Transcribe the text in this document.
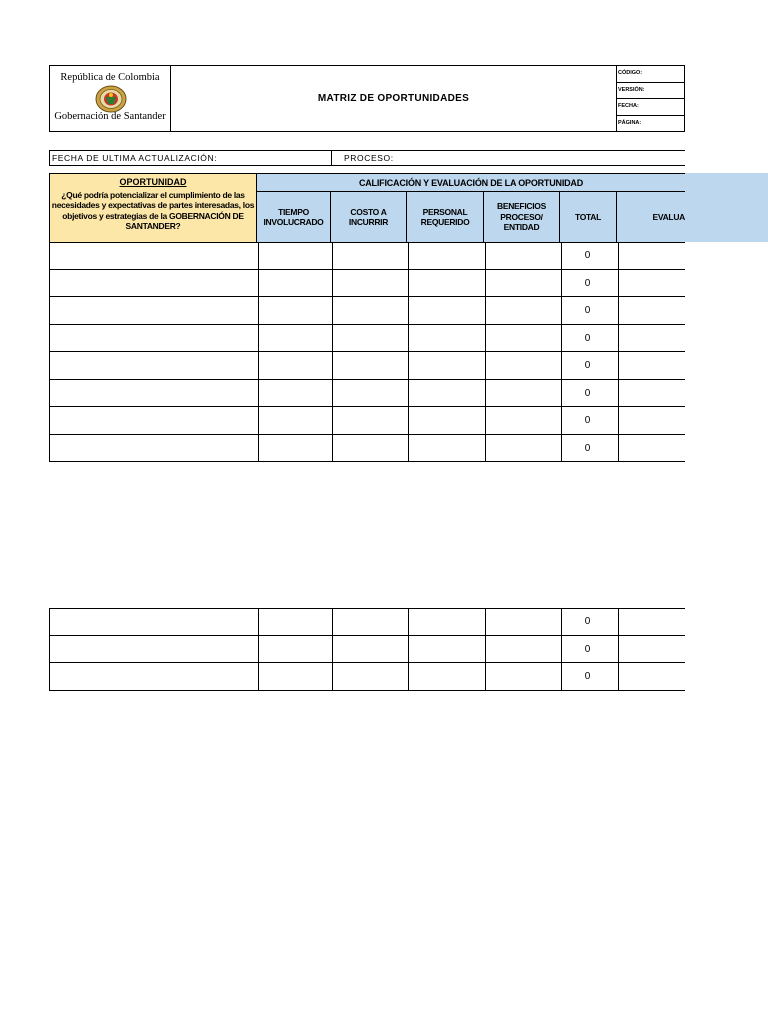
República de Colombia
Gobernación de Santander
MATRIZ DE OPORTUNIDADES
CÓDIGO:
VERSIÓN:
FECHA:
PÁGINA:
FECHA DE ULTIMA ACTUALIZACIÓN:	PROCESO:
OPORTUNIDAD
¿Qué podría potencializar el cumplimiento de las necesidades y expectativas de partes interesadas, los objetivos y estrategias de la GOBERNACIÓN DE SANTANDER?
CALIFICACIÓN Y EVALUACIÓN DE LA OPORTUNIDAD
TIEMPO INVOLUCRADO
COSTO A INCURRIR
PERSONAL REQUERIDO
BENEFICIOS PROCESO/ ENTIDAD
TOTAL	EVALUA
0
0
0
0
0
0
0
0
0
0
0
